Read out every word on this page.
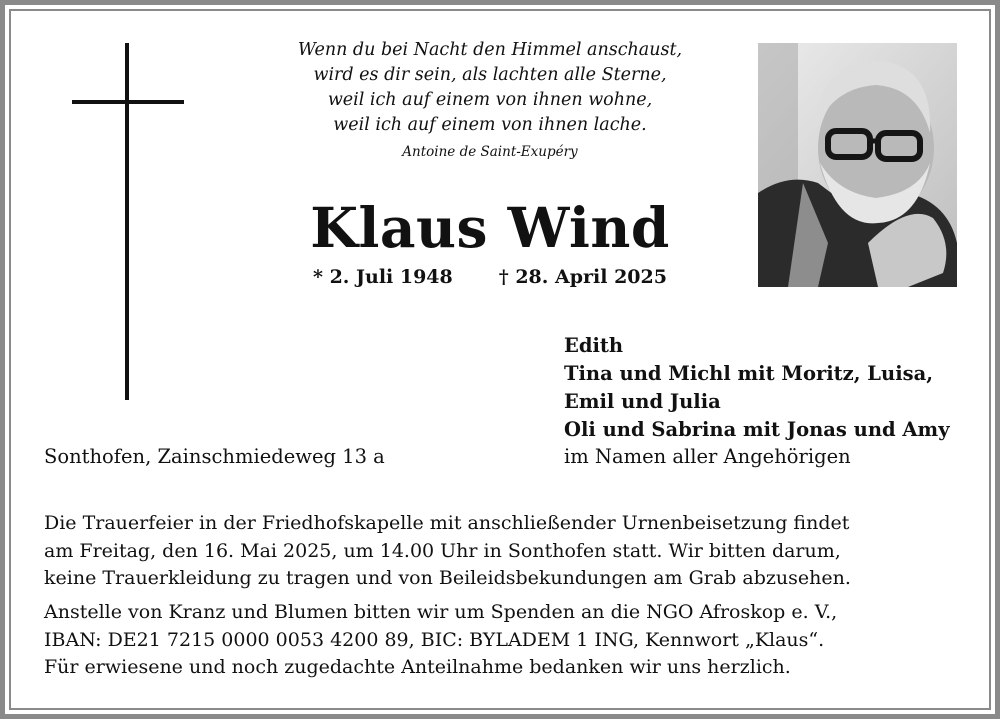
Wenn du bei Nacht den Himmel anschaust,
wird es dir sein, als lachten alle Sterne,
weil ich auf einem von ihnen wohne,
weil ich auf einem von ihnen lache.
Antoine de Saint-Exupéry
Klaus Wind
* 2. Juli 1948 † 28. April 2025
Edith
Tina und Michl mit Moritz, Luisa,
Emil und Julia
Oli und Sabrina mit Jonas und Amy
im Namen aller Angehörigen
Sonthofen, Zainschmiedeweg 13 a
Die Trauerfeier in der Friedhofskapelle mit anschließender Urnenbeisetzung findet
am Freitag, den 16. Mai 2025, um 14.00 Uhr in Sonthofen statt. Wir bitten darum,
keine Trauerkleidung zu tragen und von Beileidsbekundungen am Grab abzusehen.
Anstelle von Kranz und Blumen bitten wir um Spenden an die NGO Afroskop e. V.,
IBAN: DE21 7215 0000 0053 4200 89, BIC: BYLADEM 1 ING, Kennwort „Klaus“.
Für erwiesene und noch zugedachte Anteilnahme bedanken wir uns herzlich.
